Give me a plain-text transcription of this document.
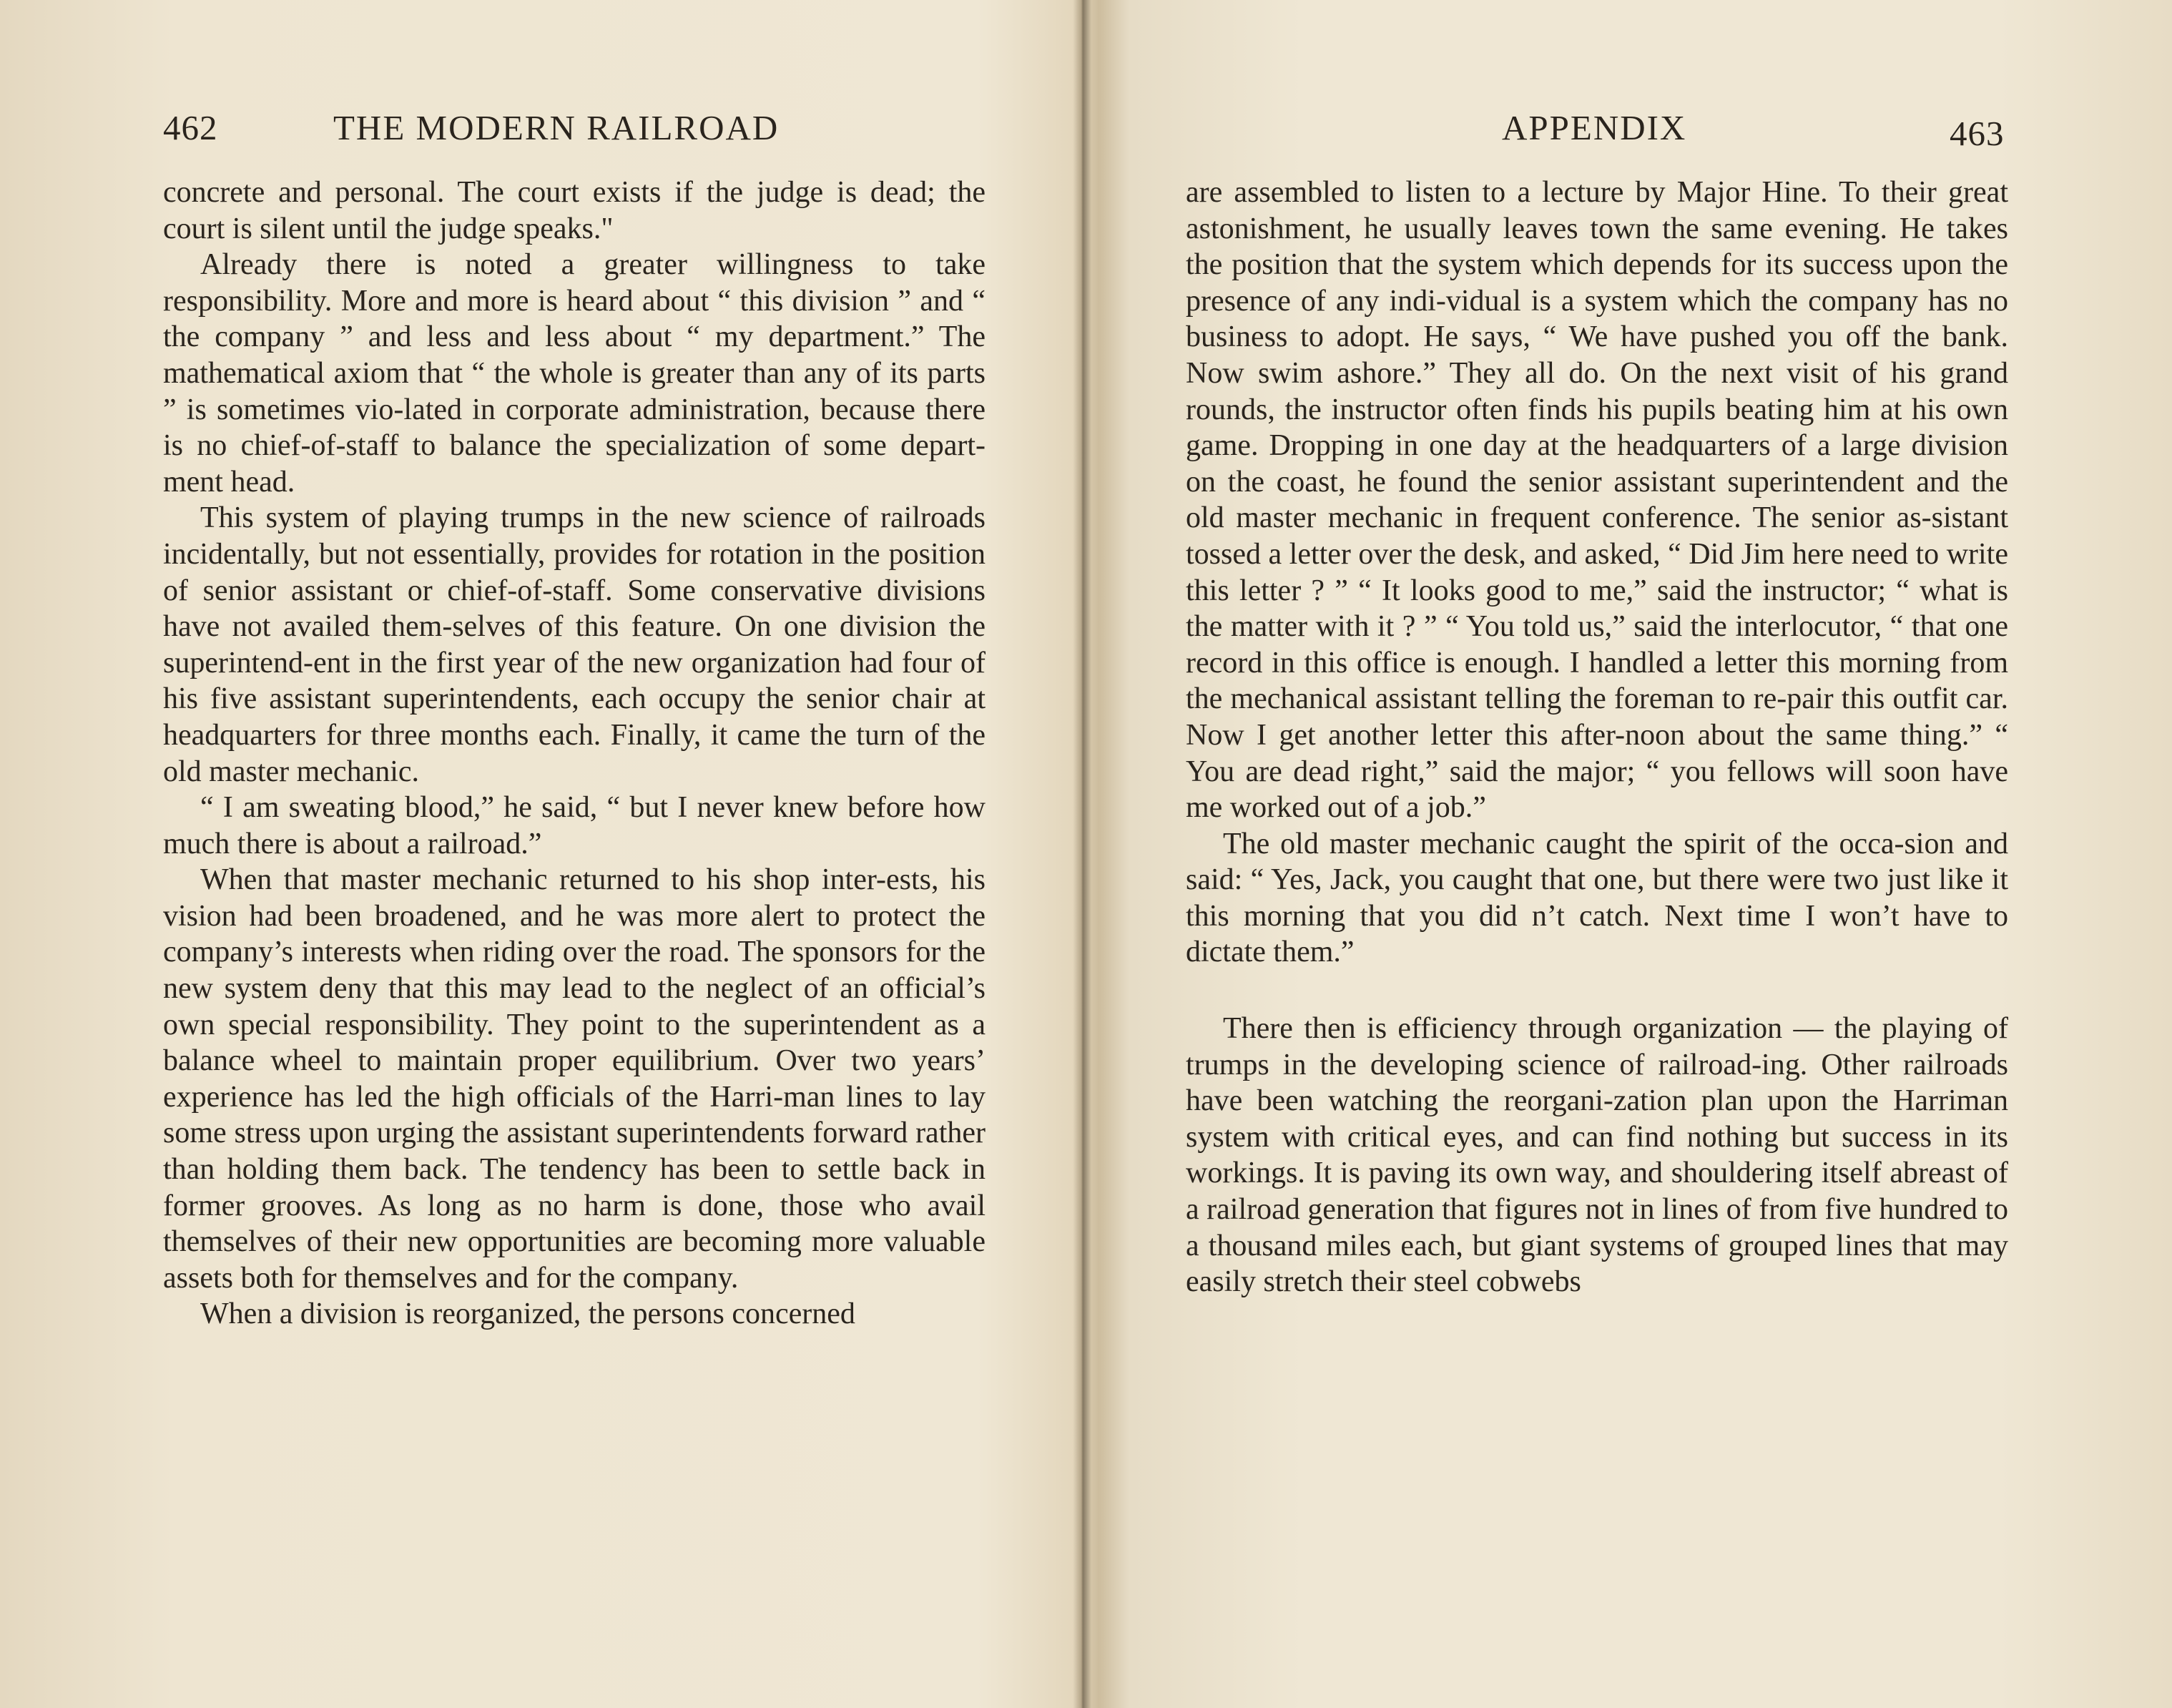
462	THE MODERN RAILROAD

concrete and personal. The court exists if the judge is dead; the court is silent until the judge speaks."

Already there is noted a greater willingness to take responsibility. More and more is heard about “ this division ” and “ the company ” and less and less about “ my department.” The mathematical axiom that “ the whole is greater than any of its parts ” is sometimes vio-lated in corporate administration, because there is no chief-of-staff to balance the specialization of some depart-ment head.

This system of playing trumps in the new science of railroads incidentally, but not essentially, provides for rotation in the position of senior assistant or chief-of-staff. Some conservative divisions have not availed them-selves of this feature. On one division the superintend-ent in the first year of the new organization had four of his five assistant superintendents, each occupy the senior chair at headquarters for three months each. Finally, it came the turn of the old master mechanic.

“ I am sweating blood,” he said, “ but I never knew before how much there is about a railroad.”

When that master mechanic returned to his shop inter-ests, his vision had been broadened, and he was more alert to protect the company’s interests when riding over the road. The sponsors for the new system deny that this may lead to the neglect of an official’s own special responsibility. They point to the superintendent as a balance wheel to maintain proper equilibrium. Over two years’ experience has led the high officials of the Harri-man lines to lay some stress upon urging the assistant superintendents forward rather than holding them back. The tendency has been to settle back in former grooves. As long as no harm is done, those who avail themselves of their new opportunities are becoming more valuable assets both for themselves and for the company.

When a division is reorganized, the persons concerned

APPENDIX	463

are assembled to listen to a lecture by Major Hine. To their great astonishment, he usually leaves town the same evening. He takes the position that the system which depends for its success upon the presence of any indi-vidual is a system which the company has no business to adopt. He says, “ We have pushed you off the bank. Now swim ashore.” They all do. On the next visit of his grand rounds, the instructor often finds his pupils beating him at his own game. Dropping in one day at the headquarters of a large division on the coast, he found the senior assistant superintendent and the old master mechanic in frequent conference. The senior as-sistant tossed a letter over the desk, and asked, “ Did Jim here need to write this letter ? ” “ It looks good to me,” said the instructor; “ what is the matter with it ? ” “ You told us,” said the interlocutor, “ that one record in this office is enough. I handled a letter this morning from the mechanical assistant telling the foreman to re-pair this outfit car. Now I get another letter this after-noon about the same thing.” “ You are dead right,” said the major; “ you fellows will soon have me worked out of a job.”

The old master mechanic caught the spirit of the occa-sion and said: “ Yes, Jack, you caught that one, but there were two just like it this morning that you did n’t catch. Next time I won’t have to dictate them.”

There then is efficiency through organization — the playing of trumps in the developing science of railroad-ing. Other railroads have been watching the reorgani-zation plan upon the Harriman system with critical eyes, and can find nothing but success in its workings. It is paving its own way, and shouldering itself abreast of a railroad generation that figures not in lines of from five hundred to a thousand miles each, but giant systems of grouped lines that may easily stretch their steel cobwebs
